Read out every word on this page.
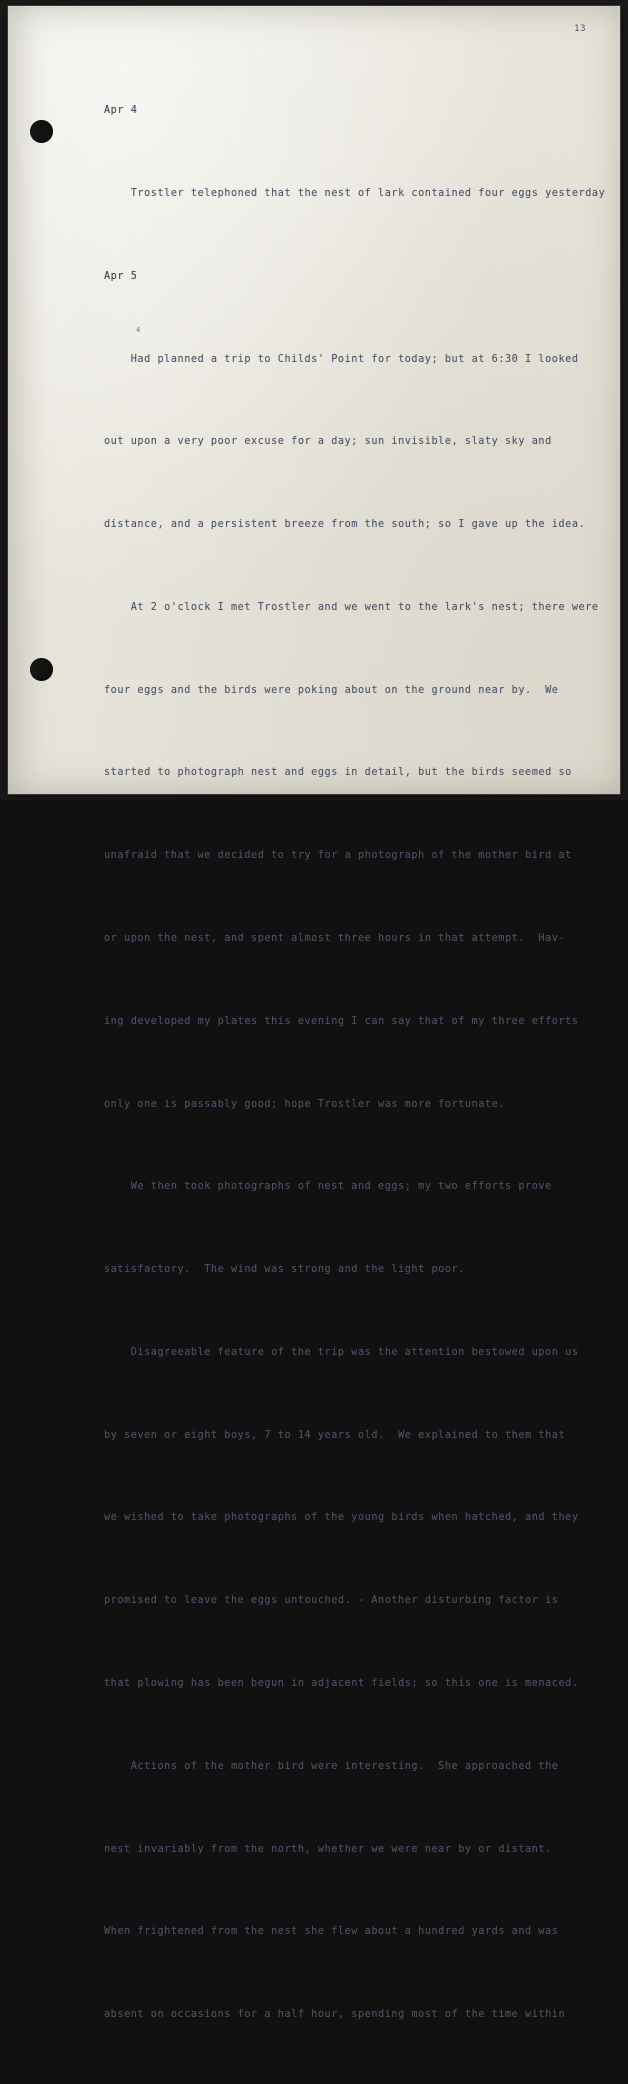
13

Apr 4

Trostler telephoned that the nest of lark contained four eggs yesterday

Apr 5

Had planned a trip to Childs' Point for today; but at 6:30 I looked

out upon a very poor excuse for a day; sun invisible, slaty sky and

distance, and a persistent breeze from the south; so I gave up the idea.

At 2 o'clock I met Trostler and we went to the lark's nest; there were

four eggs and the birds were poking about on the ground near by.  We

started to photograph nest and eggs in detail, but the birds seemed so

unafraid that we decided to try for a photograph of the mother bird at

or upon the nest, and spent almost three hours in that attempt.  Hav-

ing developed my plates this evening I can say that of my three efforts

only one is passably good; hope Trostler was more fortunate.

We then took photographs of nest and eggs; my two efforts prove

satisfactory.  The wind was strong and the light poor.

Disagreeable feature of the trip was the attention bestowed upon us

by seven or eight boys, 7 to 14 years old.  We explained to them that

we wished to take photographs of the young birds when hatched, and they

promised to leave the eggs untouched. - Another disturbing factor is

that plowing has been begun in adjacent fields; so this one is menaced.

Actions of the mother bird were interesting.  She approached the

nest invariably from the north, whether we were near by or distant.

When frightened from the nest she flew about a hundred yards and was

absent on occasions for a half hour, spending most of the time within

4
